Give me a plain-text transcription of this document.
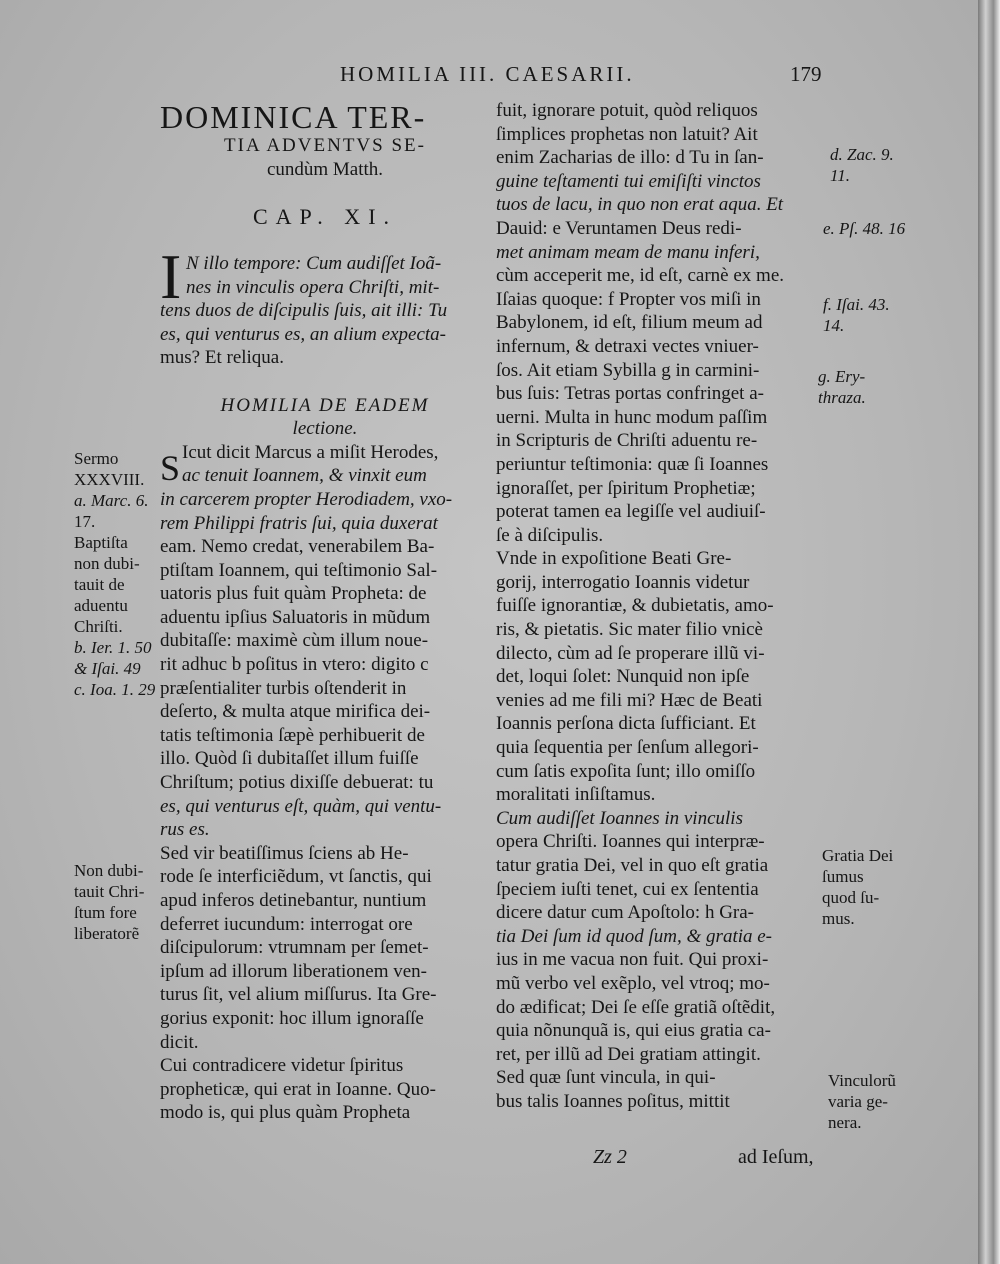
HOMILIA III. CAESARII.	179
I
S
DOMINICA TER-
TIA ADVENTVS SE-
cundùm Matth.
CAP. XI.
N illo tempore: Cum audiſſet Ioã-
nes in vinculis opera Chriſti, mit-
tens duos de diſcipulis ſuis, ait illi: Tu
es, qui venturus es, an alium expecta-
mus? Et reliqua.
HOMILIA DE EADEM
lectione.
Icut dicit Marcus a miſit Herodes,
ac tenuit Ioannem, & vinxit eum
in carcerem propter Herodiadem, vxo-
rem Philippi fratris ſui, quia duxerat
eam. Nemo credat, venerabilem Ba-
ptiſtam Ioannem, qui teſtimonio Sal-
uatoris plus fuit quàm Propheta: de
aduentu ipſius Saluatoris in mũdum
dubitaſſe: maximè cùm illum noue-
rit adhuc b poſitus in vtero: digito c
præſentialiter turbis oſtenderit in
deſerto, & multa atque mirifica dei-
tatis teſtimonia ſæpè perhibuerit de
illo. Quòd ſi dubitaſſet illum fuiſſe
Chriſtum; potius dixiſſe debuerat: tu
es, qui venturus eſt, quàm, qui ventu-
rus es.
Sed vir beatiſſimus ſciens ab He-
rode ſe interficiẽdum, vt ſanctis, qui
apud inferos detinebantur, nuntium
deferret iucundum: interrogat ore
diſcipulorum: vtrumnam per ſemet-
ipſum ad illorum liberationem ven-
turus ſit, vel alium miſſurus. Ita Gre-
gorius exponit: hoc illum ignoraſſe
dicit.
Cui contradicere videtur ſpiritus
propheticæ, qui erat in Ioanne. Quo-
modo is, qui plus quàm Propheta
fuit, ignorare potuit, quòd reliquos
ſimplices prophetas non latuit? Ait
enim Zacharias de illo: d Tu in ſan-
guine teſtamenti tui emiſiſti vinctos
tuos de lacu, in quo non erat aqua. Et
Dauid: e Veruntamen Deus redi-
met animam meam de manu inferi,
cùm acceperit me, id eſt, carnè ex me.
Iſaias quoque: f Propter vos miſi in
Babylonem, id eſt, filium meum ad
infernum, & detraxi vectes vniuer-
ſos. Ait etiam Sybilla g in carmini-
bus ſuis: Tetras portas confringet a-
uerni. Multa in hunc modum paſſim
in Scripturis de Chriſti aduentu re-
periuntur teſtimonia: quæ ſi Ioannes
ignoraſſet, per ſpiritum Prophetiæ;
poterat tamen ea legiſſe vel audiuiſ-
ſe à diſcipulis.
Vnde in expoſitione Beati Gre-
gorij, interrogatio Ioannis videtur
fuiſſe ignorantiæ, & dubietatis, amo-
ris, & pietatis. Sic mater filio vnicè
dilecto, cùm ad ſe properare illũ vi-
det, loqui ſolet: Nunquid non ipſe
venies ad me fili mi? Hæc de Beati
Ioannis perſona dicta ſufficiant. Et
quia ſequentia per ſenſum allegori-
cum ſatis expoſita ſunt; illo omiſſo
moralitati inſiſtamus.
Cum audiſſet Ioannes in vinculis
opera Chriſti. Ioannes qui interpræ-
tatur gratia Dei, vel in quo eſt gratia
ſpeciem iuſti tenet, cui ex ſententia
dicere datur cum Apoſtolo: h Gra-
tia Dei ſum id quod ſum, & gratia e-
ius in me vacua non fuit. Qui proxi-
mũ verbo vel exẽplo, vel vtroq; mo-
do ædificat; Dei ſe eſſe gratiã oſtẽdit,
quia nõnunquã is, qui eius gratia ca-
ret, per illũ ad Dei gratiam attingit.
Sed quæ ſunt vincula, in qui-
bus talis Ioannes poſitus, mittit
Sermo
XXXVIII.
a. Marc. 6.
17.
Baptiſta
non dubi-
tauit de
aduentu
Chriſti.
b. Ier. 1. 50
& Iſai. 49
c. Ioa. 1. 29
Non dubi-
tauit Chri-
ſtum fore
liberatorẽ
d. Zac. 9.
11.
e. Pſ. 48. 16
f. Iſai. 43.
14.
g. Ery-
thraza.
Gratia Dei
ſumus
quod ſu-
mus.
Vinculorũ
varia ge-
nera.
Zz 2	ad Ieſum,
